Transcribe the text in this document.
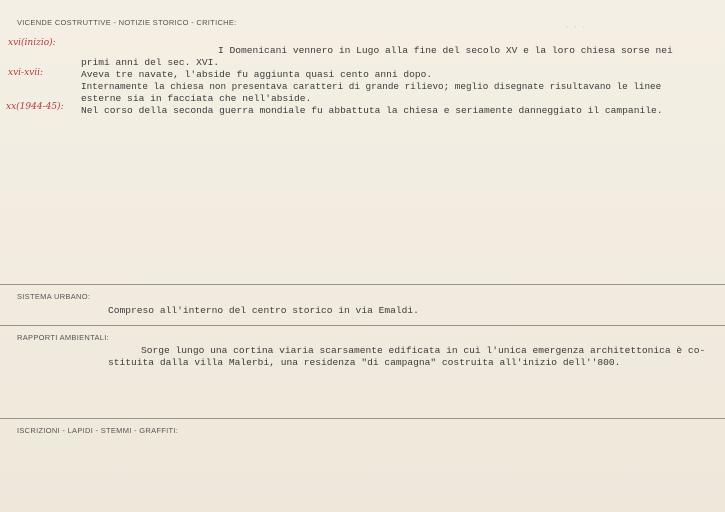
VICENDE COSTRUTTIVE - NOTIZIE STORICO - CRITICHE:
xvi(inizio):
xvi-xvii:
xx(1944-45):
I Domenicani vennero in Lugo alla fine del secolo XV e la loro chiesa sorse nei
primi anni del sec. XVI.
Aveva tre navate, l'abside fu aggiunta quasi cento anni dopo.
Internamente la chiesa non presentava caratteri di grande rilievo; meglio disegnate risultavano le linee
esterne sia in facciata che nell'abside.
Nel corso della seconda guerra mondiale fu abbattuta la chiesa e seriamente danneggiato il campanile.
· · ·
SISTEMA URBANO:
Compreso all'interno del centro storico in via Emaldi.
RAPPORTI AMBIENTALI:
Sorge lungo una cortina viaria scarsamente edificata in cui l'unica emergenza architettonica è co-
stituita dalla villa Malerbi, una residenza "di campagna" costruita all'inizio dell''800.
ISCRIZIONI - LAPIDI - STEMMI - GRAFFITI:
